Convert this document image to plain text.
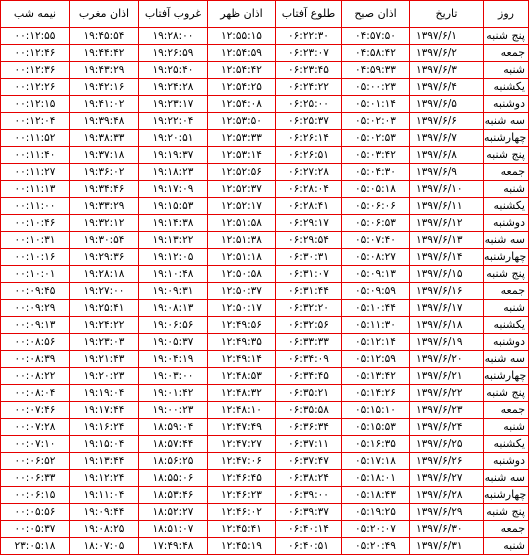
نیمه شب	اذان مغرب	غروب آفتاب	اذان ظهر	طلوع آفتاب	اذان صبح	تاریخ	روز
۰۰:۱۲:۵۵	۱۹:۴۵:۵۴	۱۹:۲۸:۰۰	۱۲:۵۵:۱۵	۰۶:۲۲:۳۰	۰۴:۵۷:۵۰	۱۳۹۷/۶/۱	پنج شنبه
۰۰:۱۲:۴۶	۱۹:۴۴:۴۲	۱۹:۲۶:۵۹	۱۲:۵۴:۵۹	۰۶:۲۳:۰۷	۰۴:۵۸:۴۲	۱۳۹۷/۶/۲	جمعه
۰۰:۱۲:۳۶	۱۹:۴۳:۲۹	۱۹:۲۵:۴۰	۱۲:۵۴:۴۲	۰۶:۲۳:۴۵	۰۴:۵۹:۳۳	۱۳۹۷/۶/۳	شنبه
۰۰:۱۲:۲۶	۱۹:۴۲:۱۶	۱۹:۲۴:۲۸	۱۲:۵۴:۲۵	۰۶:۲۴:۲۲	۰۵:۰۰:۲۳	۱۳۹۷/۶/۴	یکشنبه
۰۰:۱۲:۱۵	۱۹:۴۱:۰۲	۱۹:۲۳:۱۷	۱۲:۵۴:۰۸	۰۶:۲۵:۰۰	۰۵:۰۱:۱۴	۱۳۹۷/۶/۵	دوشنبه
۰۰:۱۲:۰۴	۱۹:۳۹:۴۸	۱۹:۲۲:۰۴	۱۲:۵۳:۵۰	۰۶:۲۵:۳۷	۰۵:۰۲:۰۳	۱۳۹۷/۶/۶	سه شنبه
۰۰:۱۱:۵۲	۱۹:۳۸:۳۳	۱۹:۲۰:۵۱	۱۲:۵۳:۳۳	۰۶:۲۶:۱۴	۰۵:۰۲:۵۳	۱۳۹۷/۶/۷	چهارشنبه
۰۰:۱۱:۴۰	۱۹:۳۷:۱۸	۱۹:۱۹:۳۷	۱۲:۵۳:۱۴	۰۶:۲۶:۵۱	۰۵:۰۳:۴۲	۱۳۹۷/۶/۸	پنج شنبه
۰۰:۱۱:۲۷	۱۹:۳۶:۰۲	۱۹:۱۸:۲۳	۱۲:۵۲:۵۶	۰۶:۲۷:۲۸	۰۵:۰۴:۳۰	۱۳۹۷/۶/۹	جمعه
۰۰:۱۱:۱۳	۱۹:۳۴:۴۶	۱۹:۱۷:۰۹	۱۲:۵۲:۳۷	۰۶:۲۸:۰۴	۰۵:۰۵:۱۸	۱۳۹۷/۶/۱۰	شنبه
۰۰:۱۱:۰۰	۱۹:۳۳:۲۹	۱۹:۱۵:۵۳	۱۲:۵۲:۱۷	۰۶:۲۸:۴۱	۰۵:۰۶:۰۶	۱۳۹۷/۶/۱۱	یکشنبه
۰۰:۱۰:۴۶	۱۹:۳۲:۱۲	۱۹:۱۴:۳۸	۱۲:۵۱:۵۸	۰۶:۲۹:۱۷	۰۵:۰۶:۵۳	۱۳۹۷/۶/۱۲	دوشنبه
۰۰:۱۰:۳۱	۱۹:۳۰:۵۴	۱۹:۱۳:۲۲	۱۲:۵۱:۳۸	۰۶:۲۹:۵۴	۰۵:۰۷:۴۰	۱۳۹۷/۶/۱۳	سه شنبه
۰۰:۱۰:۱۶	۱۹:۲۹:۳۶	۱۹:۱۲:۰۵	۱۲:۵۱:۱۸	۰۶:۳۰:۳۱	۰۵:۰۸:۲۷	۱۳۹۷/۶/۱۴	چهارشنبه
۰۰:۱۰:۰۱	۱۹:۲۸:۱۸	۱۹:۱۰:۴۸	۱۲:۵۰:۵۸	۰۶:۳۱:۰۷	۰۵:۰۹:۱۳	۱۳۹۷/۶/۱۵	پنج شنبه
۰۰:۰۹:۴۵	۱۹:۲۷:۰۰	۱۹:۰۹:۳۱	۱۲:۵۰:۳۷	۰۶:۳۱:۴۴	۰۵:۰۹:۵۹	۱۳۹۷/۶/۱۶	جمعه
۰۰:۰۹:۲۹	۱۹:۲۵:۴۱	۱۹:۰۸:۱۳	۱۲:۵۰:۱۷	۰۶:۳۲:۲۰	۰۵:۱۰:۴۴	۱۳۹۷/۶/۱۷	شنبه
۰۰:۰۹:۱۳	۱۹:۲۴:۲۲	۱۹:۰۶:۵۶	۱۲:۴۹:۵۶	۰۶:۳۲:۵۶	۰۵:۱۱:۳۰	۱۳۹۷/۶/۱۸	یکشنبه
۰۰:۰۸:۵۶	۱۹:۲۳:۰۳	۱۹:۰۵:۳۷	۱۲:۴۹:۳۵	۰۶:۳۳:۳۳	۰۵:۱۲:۱۴	۱۳۹۷/۶/۱۹	دوشنبه
۰۰:۰۸:۳۹	۱۹:۲۱:۴۳	۱۹:۰۴:۱۹	۱۲:۴۹:۱۴	۰۶:۳۴:۰۹	۰۵:۱۲:۵۹	۱۳۹۷/۶/۲۰	سه شنبه
۰۰:۰۸:۲۲	۱۹:۲۰:۲۳	۱۹:۰۳:۰۰	۱۲:۴۸:۵۳	۰۶:۳۴:۴۵	۰۵:۱۳:۴۲	۱۳۹۷/۶/۲۱	چهارشنبه
۰۰:۰۸:۰۴	۱۹:۱۹:۰۴	۱۹:۰۱:۴۲	۱۲:۴۸:۳۲	۰۶:۳۵:۲۱	۰۵:۱۴:۲۶	۱۳۹۷/۶/۲۲	پنج شنبه
۰۰:۰۷:۴۶	۱۹:۱۷:۴۴	۱۹:۰۰:۲۳	۱۲:۴۸:۱۰	۰۶:۳۵:۵۸	۰۵:۱۵:۱۰	۱۳۹۷/۶/۲۳	جمعه
۰۰:۰۷:۲۸	۱۹:۱۶:۲۴	۱۸:۵۹:۰۴	۱۲:۴۷:۴۹	۰۶:۳۶:۳۴	۰۵:۱۵:۵۳	۱۳۹۷/۶/۲۴	شنبه
۰۰:۰۷:۱۰	۱۹:۱۵:۰۴	۱۸:۵۷:۴۴	۱۲:۴۷:۲۷	۰۶:۳۷:۱۱	۰۵:۱۶:۳۵	۱۳۹۷/۶/۲۵	یکشنبه
۰۰:۰۶:۵۲	۱۹:۱۳:۴۴	۱۸:۵۶:۲۵	۱۲:۴۷:۰۶	۰۶:۳۷:۴۷	۰۵:۱۷:۱۸	۱۳۹۷/۶/۲۶	دوشنبه
۰۰:۰۶:۳۳	۱۹:۱۲:۲۴	۱۸:۵۵:۰۶	۱۲:۴۶:۴۵	۰۶:۳۸:۲۴	۰۵:۱۸:۰۱	۱۳۹۷/۶/۲۷	سه شنبه
۰۰:۰۶:۱۵	۱۹:۱۱:۰۴	۱۸:۵۳:۴۶	۱۲:۴۶:۲۳	۰۶:۳۹:۰۰	۰۵:۱۸:۴۳	۱۳۹۷/۶/۲۸	چهارشنبه
۰۰:۰۵:۵۶	۱۹:۰۹:۴۴	۱۸:۵۲:۲۷	۱۲:۴۶:۰۲	۰۶:۳۹:۳۷	۰۵:۱۹:۲۵	۱۳۹۷/۶/۲۹	پنج شنبه
۰۰:۰۵:۳۷	۱۹:۰۸:۲۵	۱۸:۵۱:۰۷	۱۲:۴۵:۴۱	۰۶:۴۰:۱۴	۰۵:۲۰:۰۷	۱۳۹۷/۶/۳۰	جمعه
۲۳:۰۵:۱۸	۱۸:۰۷:۰۵	۱۷:۴۹:۴۸	۱۲:۴۵:۱۹	۰۶:۴۰:۵۱	۰۵:۲۰:۴۹	۱۳۹۷/۶/۳۱	شنبه
